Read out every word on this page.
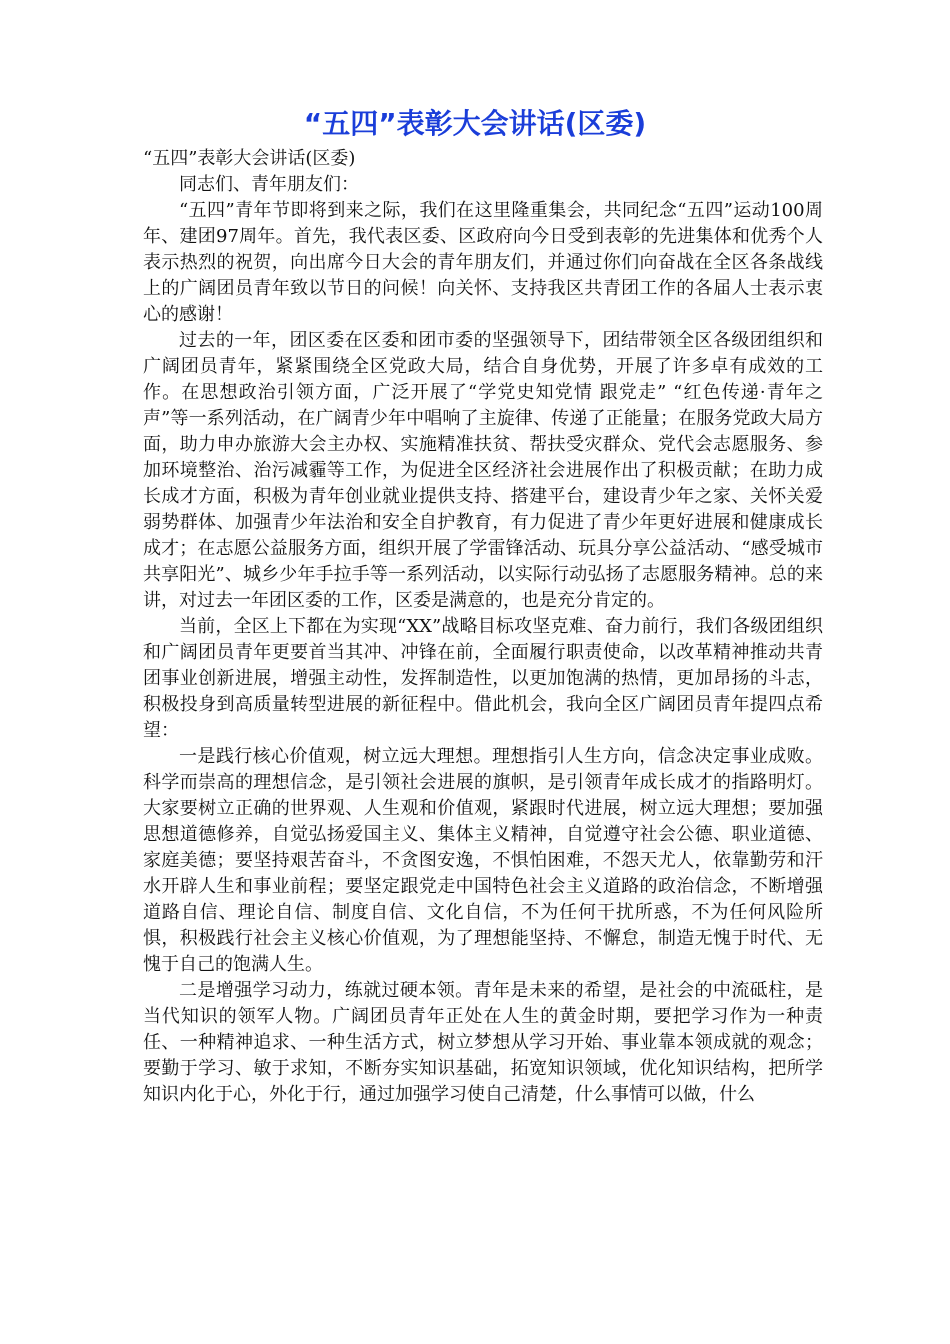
“五四”表彰大会讲话(区委)

“五四”表彰大会讲话(区委)

同志们、青年朋友们：

“五四”青年节即将到来之际，我们在这里隆重集会，共同纪念“五四”运动100周年、建团97周年。首先，我代表区委、区政府向今日受到表彰的先进集体和优秀个人表示热烈的祝贺，向出席今日大会的青年朋友们，并通过你们向奋战在全区各条战线上的广阔团员青年致以节日的问候！向关怀、支持我区共青团工作的各届人士表示衷心的感谢！

过去的一年，团区委在区委和团市委的坚强领导下，团结带领全区各级团组织和广阔团员青年，紧紧围绕全区党政大局，结合自身优势，开展了许多卓有成效的工作。在思想政治引领方面，广泛开展了“学党史知党情 跟党走” “红色传递·青年之声”等一系列活动，在广阔青少年中唱响了主旋律、传递了正能量；在服务党政大局方面，助力申办旅游大会主办权、实施精准扶贫、帮扶受灾群众、党代会志愿服务、参加环境整治、治污减霾等工作，为促进全区经济社会进展作出了积极贡献；在助力成长成才方面，积极为青年创业就业提供支持、搭建平台，建设青少年之家、关怀关爱弱势群体、加强青少年法治和安全自护教育，有力促进了青少年更好进展和健康成长成才；在志愿公益服务方面，组织开展了学雷锋活动、玩具分享公益活动、“感受城市共享阳光”、城乡少年手拉手等一系列活动，以实际行动弘扬了志愿服务精神。总的来讲，对过去一年团区委的工作，区委是满意的，也是充分肯定的。

当前，全区上下都在为实现“XX”战略目标攻坚克难、奋力前行，我们各级团组织和广阔团员青年更要首当其冲、冲锋在前，全面履行职责使命，以改革精神推动共青团事业创新进展，增强主动性，发挥制造性，以更加饱满的热情，更加昂扬的斗志，积极投身到高质量转型进展的新征程中。借此机会，我向全区广阔团员青年提四点希望：

一是践行核心价值观，树立远大理想。理想指引人生方向，信念决定事业成败。科学而崇高的理想信念，是引领社会进展的旗帜，是引领青年成长成才的指路明灯。大家要树立正确的世界观、人生观和价值观，紧跟时代进展，树立远大理想；要加强思想道德修养，自觉弘扬爱国主义、集体主义精神，自觉遵守社会公德、职业道德、家庭美德；要坚持艰苦奋斗，不贪图安逸，不惧怕困难，不怨天尤人，依靠勤劳和汗水开辟人生和事业前程；要坚定跟党走中国特色社会主义道路的政治信念，不断增强道路自信、理论自信、制度自信、文化自信，不为任何干扰所惑，不为任何风险所惧，积极践行社会主义核心价值观，为了理想能坚持、不懈怠，制造无愧于时代、无愧于自己的饱满人生。

二是增强学习动力，练就过硬本领。青年是未来的希望，是社会的中流砥柱，是当代知识的领军人物。广阔团员青年正处在人生的黄金时期，要把学习作为一种责任、一种精神追求、一种生活方式，树立梦想从学习开始、事业靠本领成就的观念；要勤于学习、敏于求知，不断夯实知识基础，拓宽知识领域，优化知识结构，把所学知识内化于心，外化于行，通过加强学习使自己清楚，什么事情可以做，什么
